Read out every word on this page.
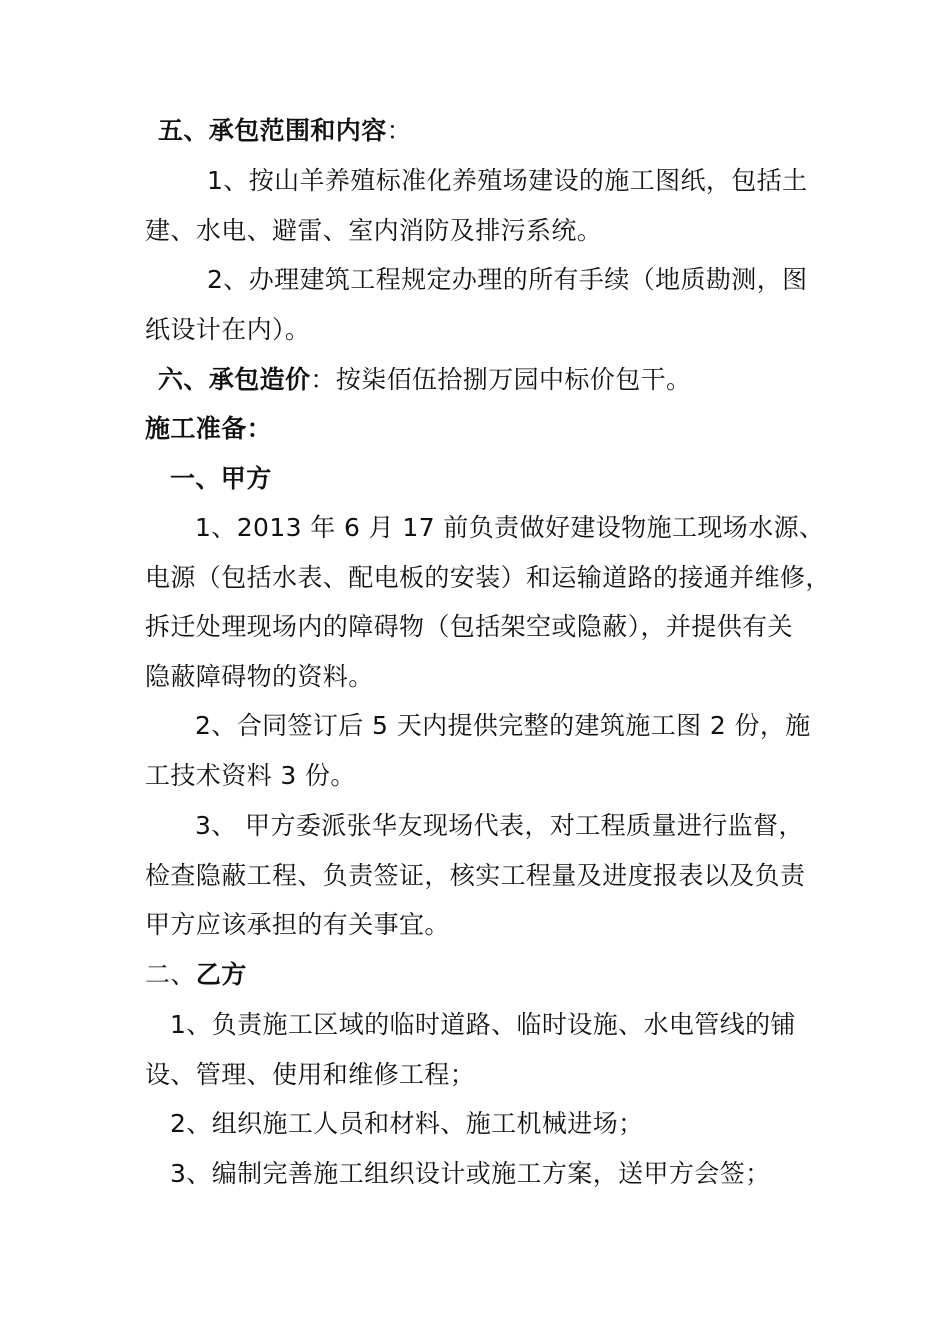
五、承包范围和内容：
1、按山羊养殖标准化养殖场建设的施工图纸，包括土
建、水电、避雷、室内消防及排污系统。
2、办理建筑工程规定办理的所有手续（地质勘测，图
纸设计在内）。
六、承包造价：按柒佰伍拾捌万园中标价包干。
施工准备：
一、甲方
1、2013 年 6 月 17 前负责做好建设物施工现场水源、
电源（包括水表、配电板的安装）和运输道路的接通并维修，
拆迁处理现场内的障碍物（包括架空或隐蔽），并提供有关
隐蔽障碍物的资料。
2、合同签订后 5 天内提供完整的建筑施工图 2 份，施
工技术资料 3 份。
3、 甲方委派张华友现场代表，对工程质量进行监督，
检查隐蔽工程、负责签证，核实工程量及进度报表以及负责
甲方应该承担的有关事宜。
二、乙方
1、负责施工区域的临时道路、临时设施、水电管线的铺
设、管理、使用和维修工程；
2、组织施工人员和材料、施工机械进场；
3、编制完善施工组织设计或施工方案，送甲方会签；
